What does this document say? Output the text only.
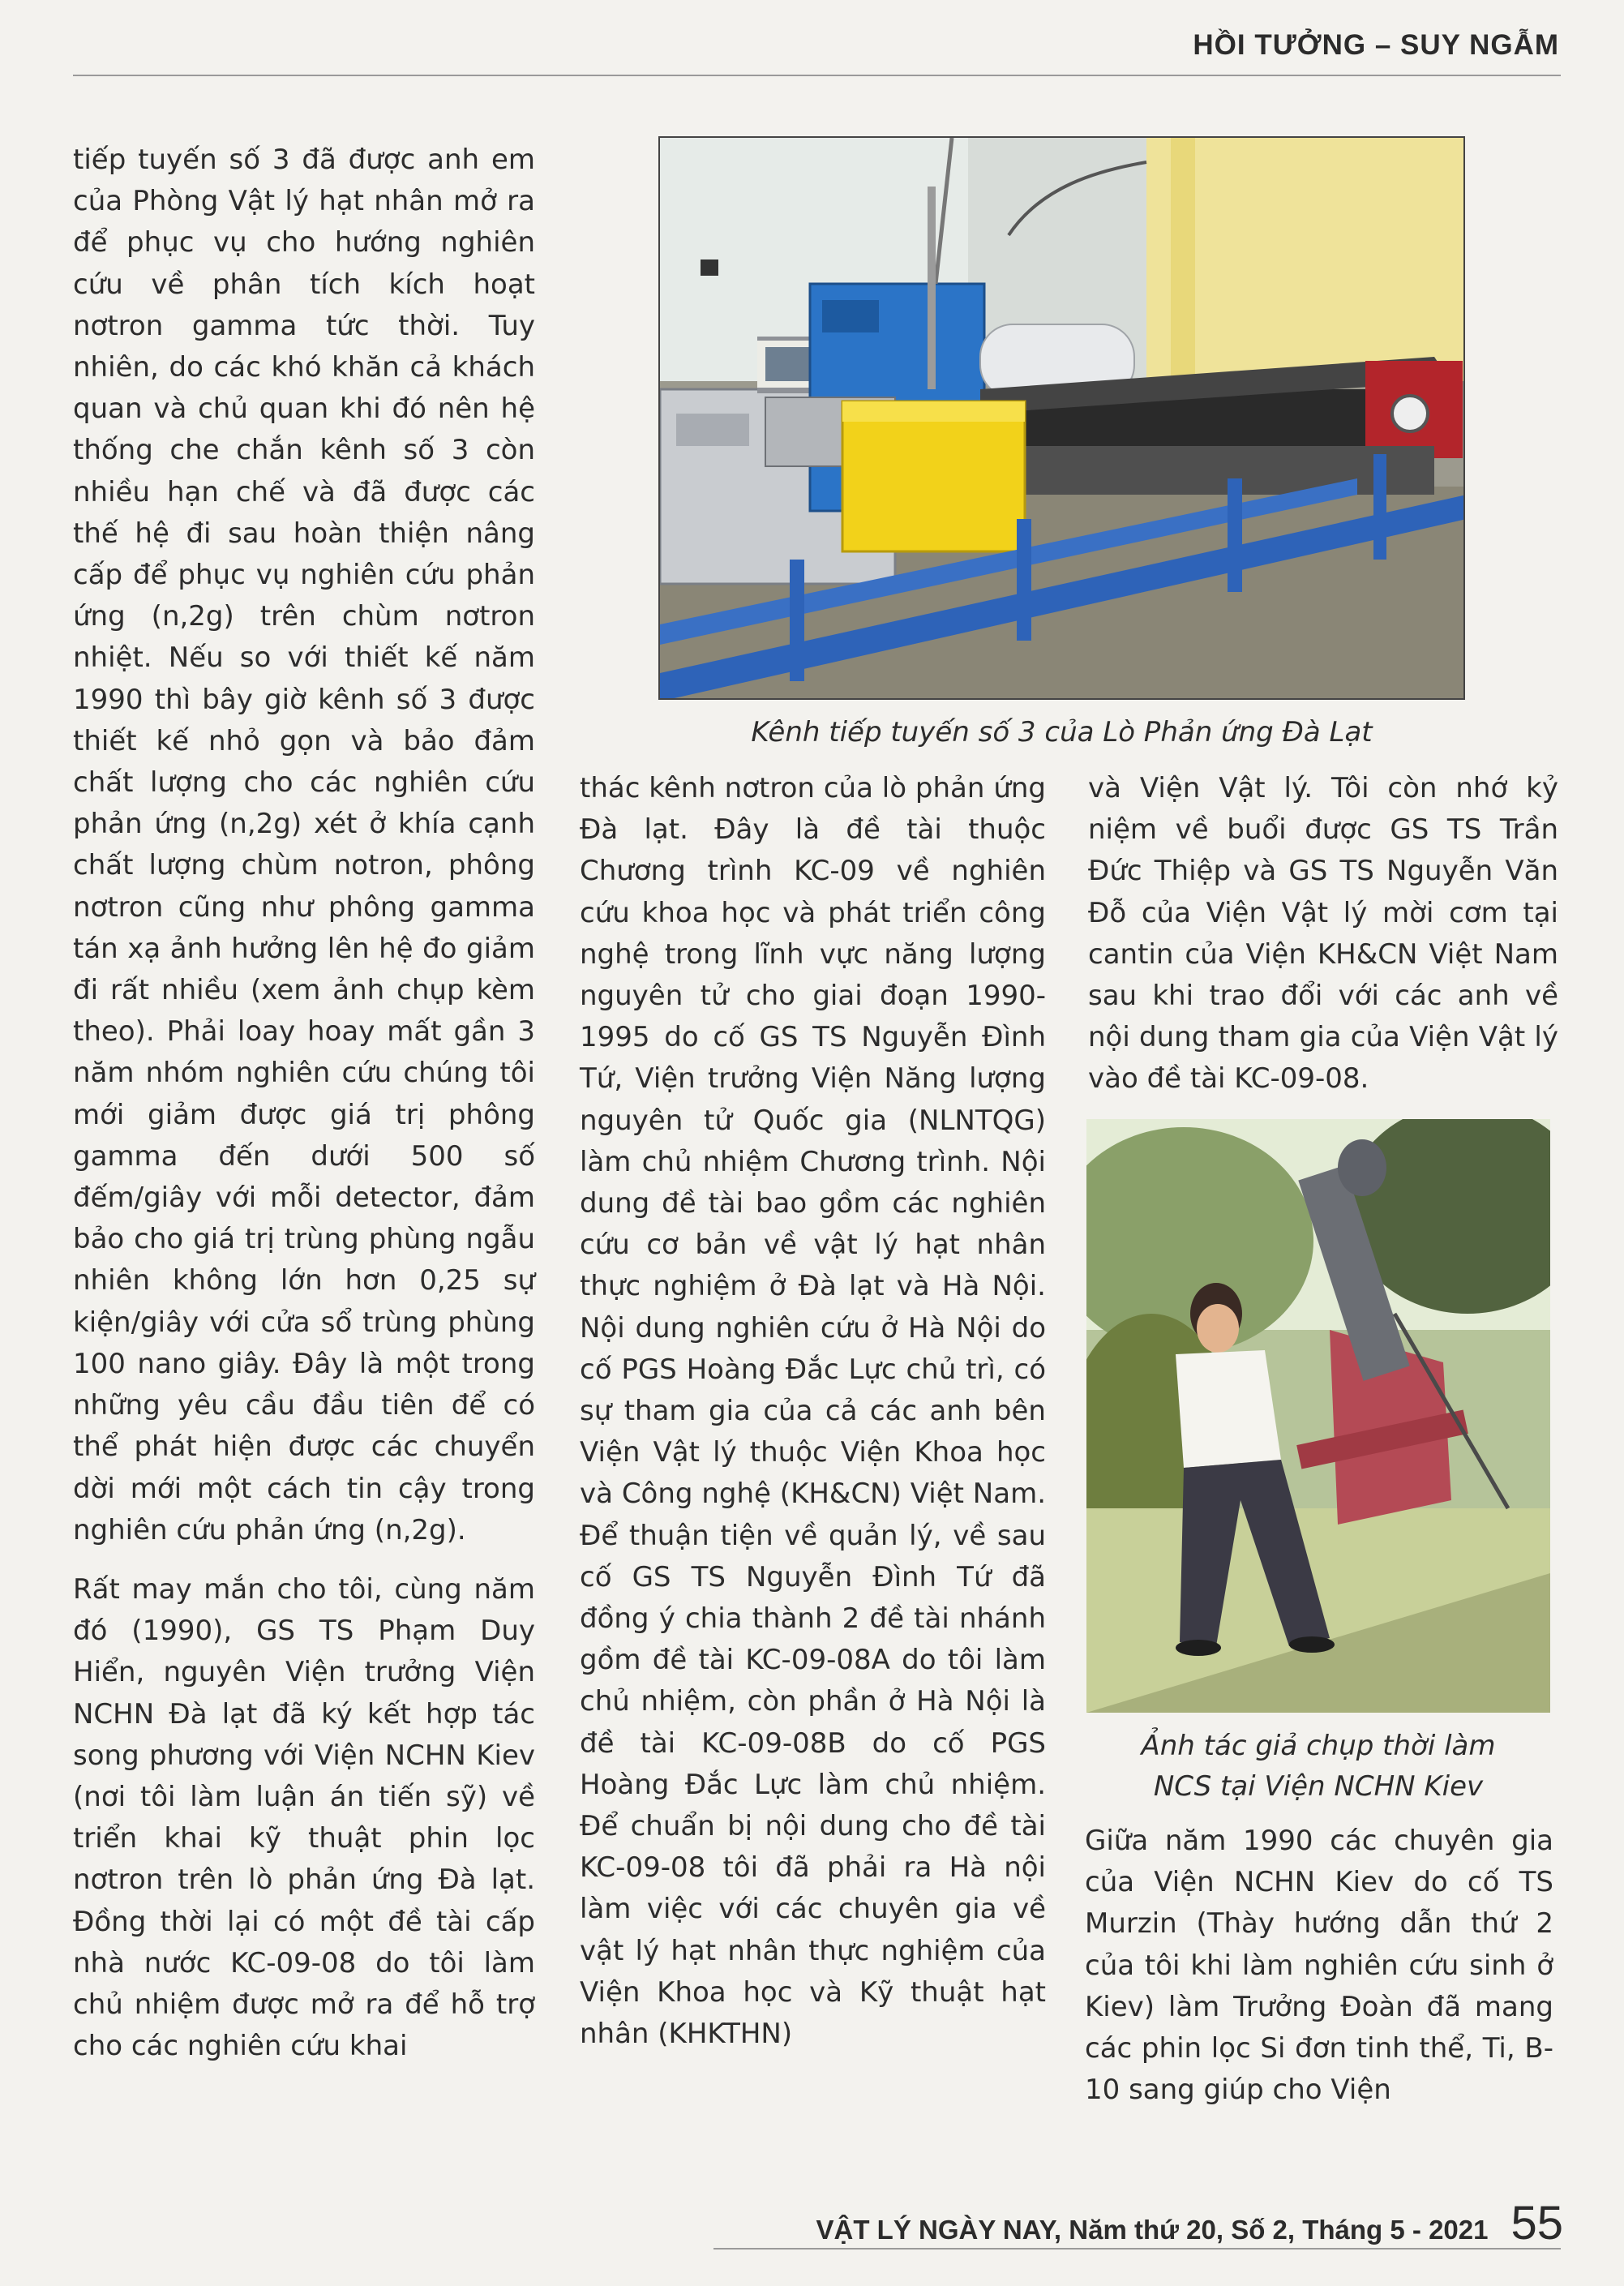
HỒI TƯỞNG – SUY NGẪM

tiếp tuyến số 3 đã được anh em của Phòng Vật lý hạt nhân mở ra để phục vụ cho hướng nghiên cứu về phân tích kích hoạt nơtron gamma tức thời. Tuy nhiên, do các khó khăn cả khách quan và chủ quan khi đó nên hệ thống che chắn kênh số 3 còn nhiều hạn chế và đã được các thế hệ đi sau hoàn thiện nâng cấp để phục vụ nghiên cứu phản ứng (n,2g) trên chùm nơtron nhiệt. Nếu so với thiết kế năm 1990 thì bây giờ kênh số 3 được thiết kế nhỏ gọn và bảo đảm chất lượng cho các nghiên cứu phản ứng (n,2g) xét ở khía cạnh chất lượng chùm notron, phông nơtron cũng như phông gamma tán xạ ảnh hưởng lên hệ đo giảm đi rất nhiều (xem ảnh chụp kèm theo). Phải loay hoay mất gần 3 năm nhóm nghiên cứu chúng tôi mới giảm được giá trị phông gamma đến dưới 500 số đếm/giây với mỗi detector, đảm bảo cho giá trị trùng phùng ngẫu nhiên không lớn hơn 0,25 sự kiện/giây với cửa sổ trùng phùng 100 nano giây. Đây là một trong những yêu cầu đầu tiên để có thể phát hiện được các chuyển dời mới một cách tin cậy trong nghiên cứu phản ứng (n,2g).

Rất may mắn cho tôi, cùng năm đó (1990), GS TS Phạm Duy Hiển, nguyên Viện trưởng Viện NCHN Đà lạt đã ký kết hợp tác song phương với Viện NCHN Kiev (nơi tôi làm luận án tiến sỹ) về triển khai kỹ thuật phin lọc nơtron trên lò phản ứng Đà lạt. Đồng thời lại có một đề tài cấp nhà nước KC-09-08 do tôi làm chủ nhiệm được mở ra để hỗ trợ cho các nghiên cứu khai

Kênh tiếp tuyến số 3 của Lò Phản ứng Đà Lạt

thác kênh nơtron của lò phản ứng Đà lạt. Đây là đề tài thuộc Chương trình KC-09 về nghiên cứu khoa học và phát triển công nghệ trong lĩnh vực năng lượng nguyên tử cho giai đoạn 1990-1995 do cố GS TS Nguyễn Đình Tứ, Viện trưởng Viện Năng lượng nguyên tử Quốc gia (NLNTQG) làm chủ nhiệm Chương trình. Nội dung đề tài bao gồm các nghiên cứu cơ bản về vật lý hạt nhân thực nghiệm ở Đà lạt và Hà Nội. Nội dung nghiên cứu ở Hà Nội do cố PGS Hoàng Đắc Lực chủ trì, có sự tham gia của cả các anh bên Viện Vật lý thuộc Viện Khoa học và Công nghệ (KH&CN) Việt Nam. Để thuận tiện về quản lý, về sau cố GS TS Nguyễn Đình Tứ đã đồng ý chia thành 2 đề tài nhánh gồm đề tài KC-09-08A do tôi làm chủ nhiệm, còn phần ở Hà Nội là đề tài KC-09-08B do cố PGS Hoàng Đắc Lực làm chủ nhiệm. Để chuẩn bị nội dung cho đề tài KC-09-08 tôi đã phải ra Hà nội làm việc với các chuyên gia về vật lý hạt nhân thực nghiệm của Viện Khoa học và Kỹ thuật hạt nhân (KHKTHN)

và Viện Vật lý. Tôi còn nhớ kỷ niệm về buổi được GS TS Trần Đức Thiệp và GS TS Nguyễn Văn Đỗ của Viện Vật lý mời cơm tại cantin của Viện KH&CN Việt Nam sau khi trao đổi với các anh về nội dung tham gia của Viện Vật lý vào đề tài KC-09-08.

Ảnh tác giả chụp thời làm
NCS tại Viện NCHN Kiev

Giữa năm 1990 các chuyên gia của Viện NCHN Kiev do cố TS Murzin (Thày hướng dẫn thứ 2 của tôi khi làm nghiên cứu sinh ở Kiev) làm Trưởng Đoàn đã mang các phin lọc Si đơn tinh thể, Ti, B-10 sang giúp cho Viện

VẬT LÝ NGÀY NAY, Năm thứ 20, Số 2, Tháng 5 - 2021 55
